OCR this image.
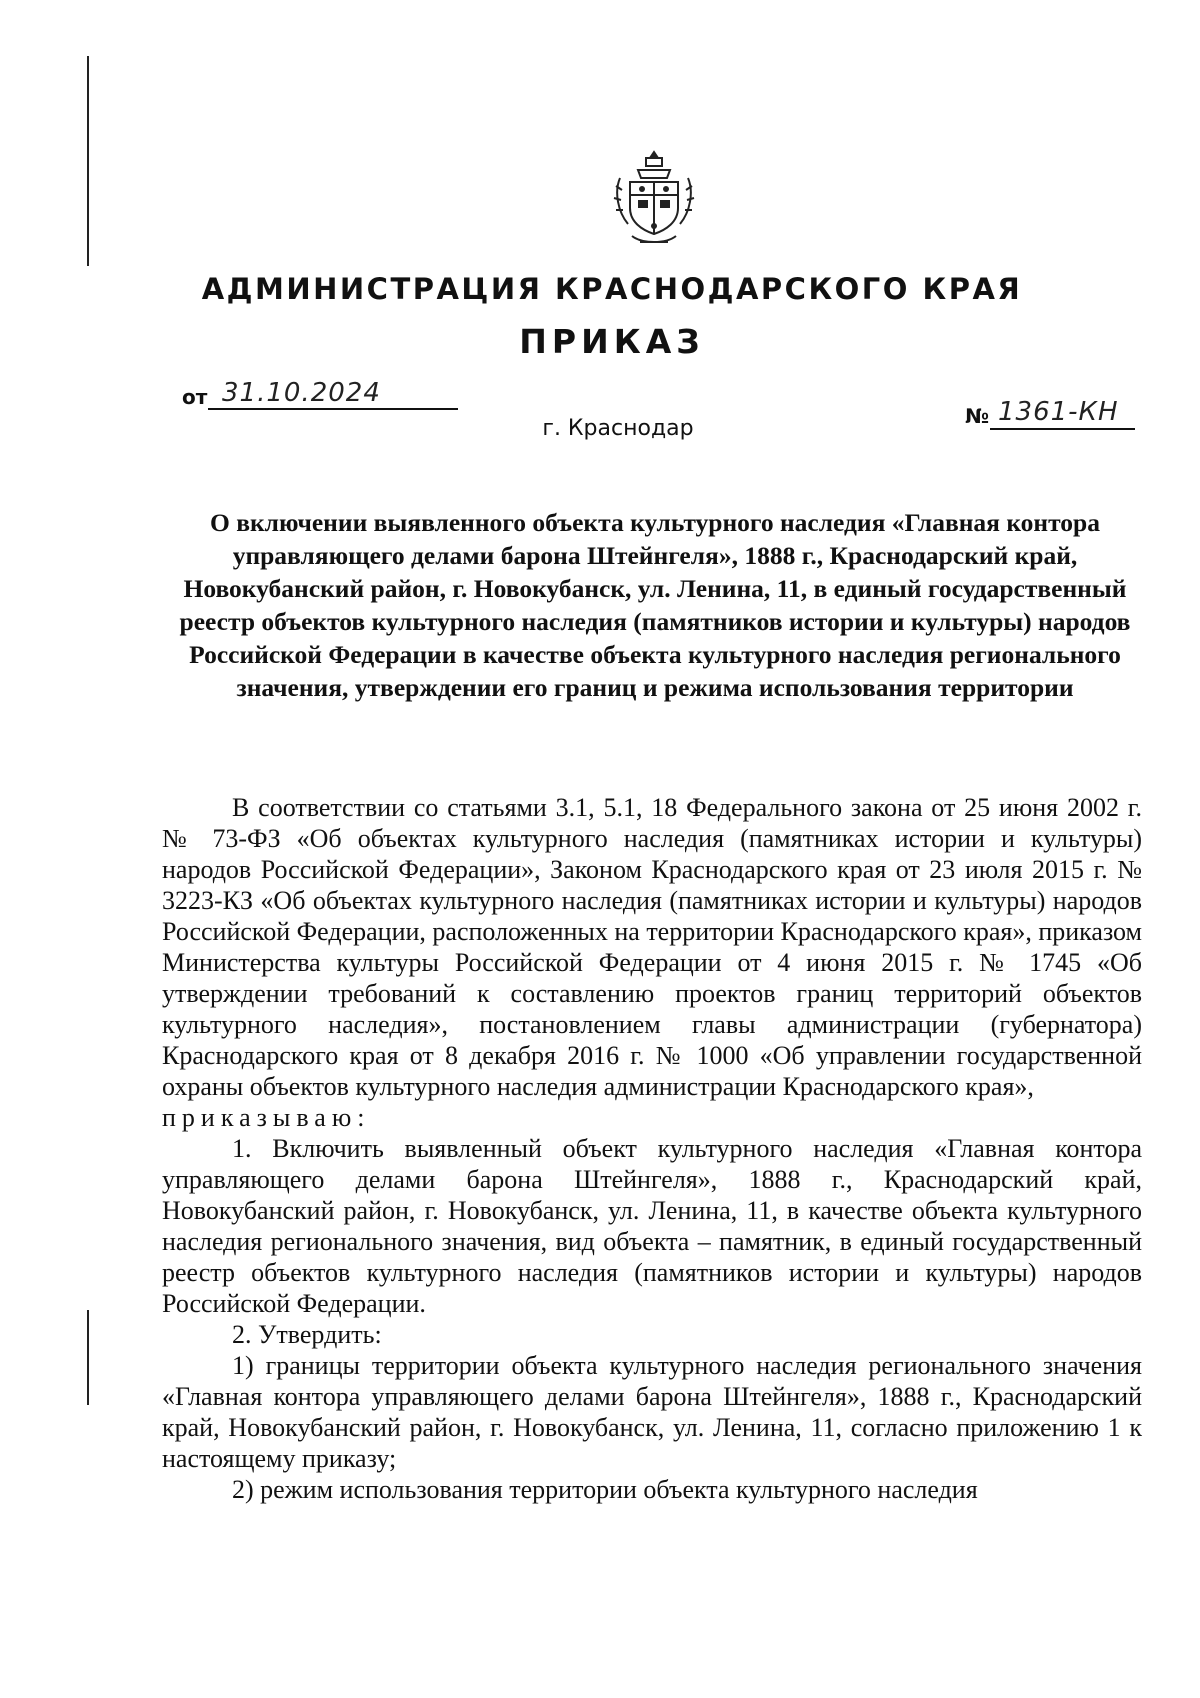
АДМИНИСТРАЦИЯ КРАСНОДАРСКОГО КРАЯ
ПРИКАЗ
от 31.10.2024
г. Краснодар	№ 1361-КН
О включении выявленного объекта культурного наследия «Главная контора управляющего делами барона Штейнгеля», 1888 г., Краснодарский край, Новокубанский район, г. Новокубанск, ул. Ленина, 11, в единый государственный реестр объектов культурного наследия (памятников истории и культуры) народов Российской Федерации в качестве объекта культурного наследия регионального значения, утверждении его границ и режима использования территории

В соответствии со статьями 3.1, 5.1, 18 Федерального закона от 25 июня 2002 г. № 73-ФЗ «Об объектах культурного наследия (памятниках истории и культуры) народов Российской Федерации», Законом Краснодарского края от 23 июля 2015 г. № 3223-КЗ «Об объектах культурного наследия (памятниках истории и культуры) народов Российской Федерации, расположенных на территории Краснодарского края», приказом Министерства культуры Российской Федерации от 4 июня 2015 г. № 1745 «Об утверждении требований к составлению проектов границ территорий объектов культурного наследия», постановлением главы администрации (губернатора) Краснодарского края от 8 декабря 2016 г. № 1000 «Об управлении государственной охраны объектов культурного наследия администрации Краснодарского края»,

приказываю:

1. Включить выявленный объект культурного наследия «Главная контора управляющего делами барона Штейнгеля», 1888 г., Краснодарский край, Новокубанский район, г. Новокубанск, ул. Ленина, 11, в качестве объекта культурного наследия регионального значения, вид объекта – памятник, в единый государственный реестр объектов культурного наследия (памятников истории и культуры) народов Российской Федерации.

2. Утвердить:

1) границы территории объекта культурного наследия регионального значения «Главная контора управляющего делами барона Штейнгеля», 1888 г., Краснодарский край, Новокубанский район, г. Новокубанск, ул. Ленина, 11, согласно приложению 1 к настоящему приказу;

2) режим использования территории объекта культурного наследия
